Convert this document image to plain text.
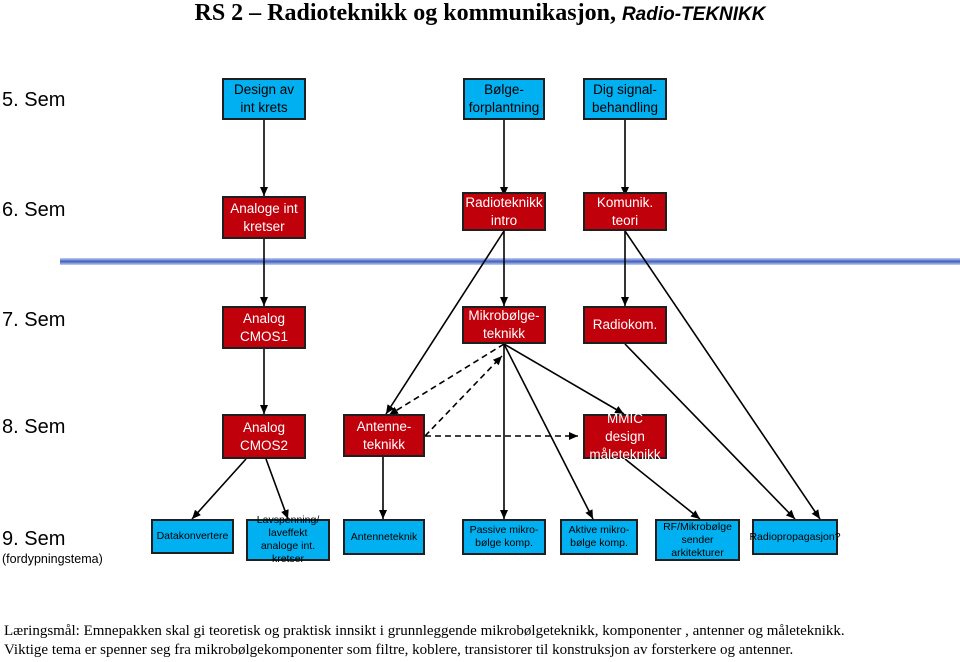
RS 2 – Radioteknikk og kommunikasjon, Radio-TEKNIKK
5. Sem
6. Sem
7. Sem
8. Sem
9. Sem
(fordypningstema)
Design av int krets
Bølge-forplantning
Dig signal-behandling
Analoge int kretser
Radioteknikk intro
Komunik. teori
Analog CMOS1
Mikrobølge-teknikk
Radiokom.
Analog CMOS2
Antenne-teknikk
MMIC design måleteknikk
Datakonvertere
Lavspenning/ laveffekt analoge int. kretser
Antenneteknik
Passive mikro-bølge komp.
Aktive mikro-bølge komp.
RF/Mikrobølge sender arkitekturer
Radiopropagasjon?
Læringsmål: Emnepakken skal gi teoretisk og praktisk innsikt i grunnleggende mikrobølgeteknikk, komponenter , antenner og måleteknikk.
Viktige tema er spenner seg fra mikrobølgekomponenter som filtre, koblere, transistorer til konstruksjon av forsterkere og antenner.
